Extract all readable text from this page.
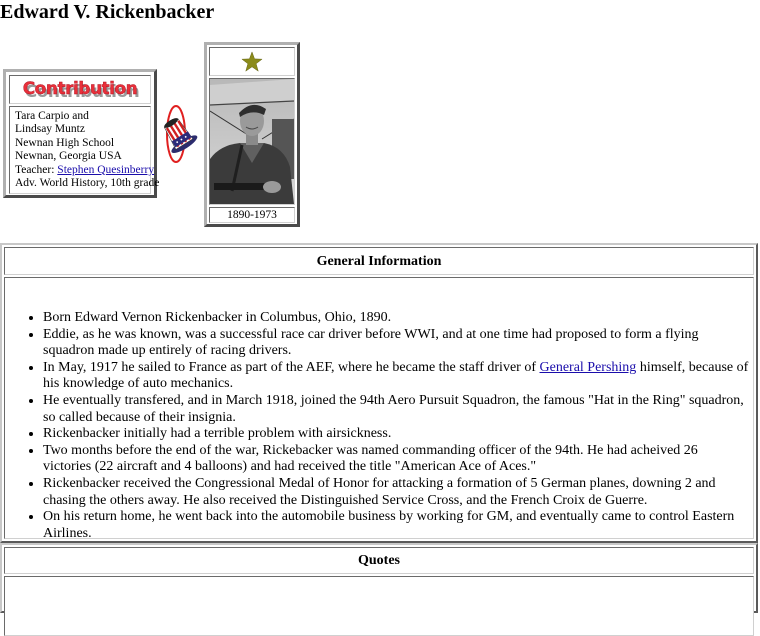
Edward V. Rickenbacker
Contribution
Tara Carpio and
Lindsay Muntz
Newnan High School
Newnan, Georgia USA
Teacher: Stephen Quesinberry
Adv. World History, 10th grade
1890-1973
General Information
• Born Edward Vernon Rickenbacker in Columbus, Ohio, 1890.
• Eddie, as he was known, was a successful race car driver before WWI, and at one time had proposed to form a flying squadron made up entirely of racing drivers.
• In May, 1917 he sailed to France as part of the AEF, where he became the staff driver of General Pershing himself, because of his knowledge of auto mechanics.
• He eventually transfered, and in March 1918, joined the 94th Aero Pursuit Squadron, the famous "Hat in the Ring" squadron, so called because of their insignia.
• Rickenbacker initially had a terrible problem with airsickness.
• Two months before the end of the war, Rickebacker was named commanding officer of the 94th. He had acheived 26 victories (22 aircraft and 4 balloons) and had received the title "American Ace of Aces."
• Rickenbacker received the Congressional Medal of Honor for attacking a formation of 5 German planes, downing 2 and chasing the others away. He also received the Distinguished Service Cross, and the French Croix de Guerre.
• On his return home, he went back into the automobile business by working for GM, and eventually came to control Eastern Airlines.
Quotes
